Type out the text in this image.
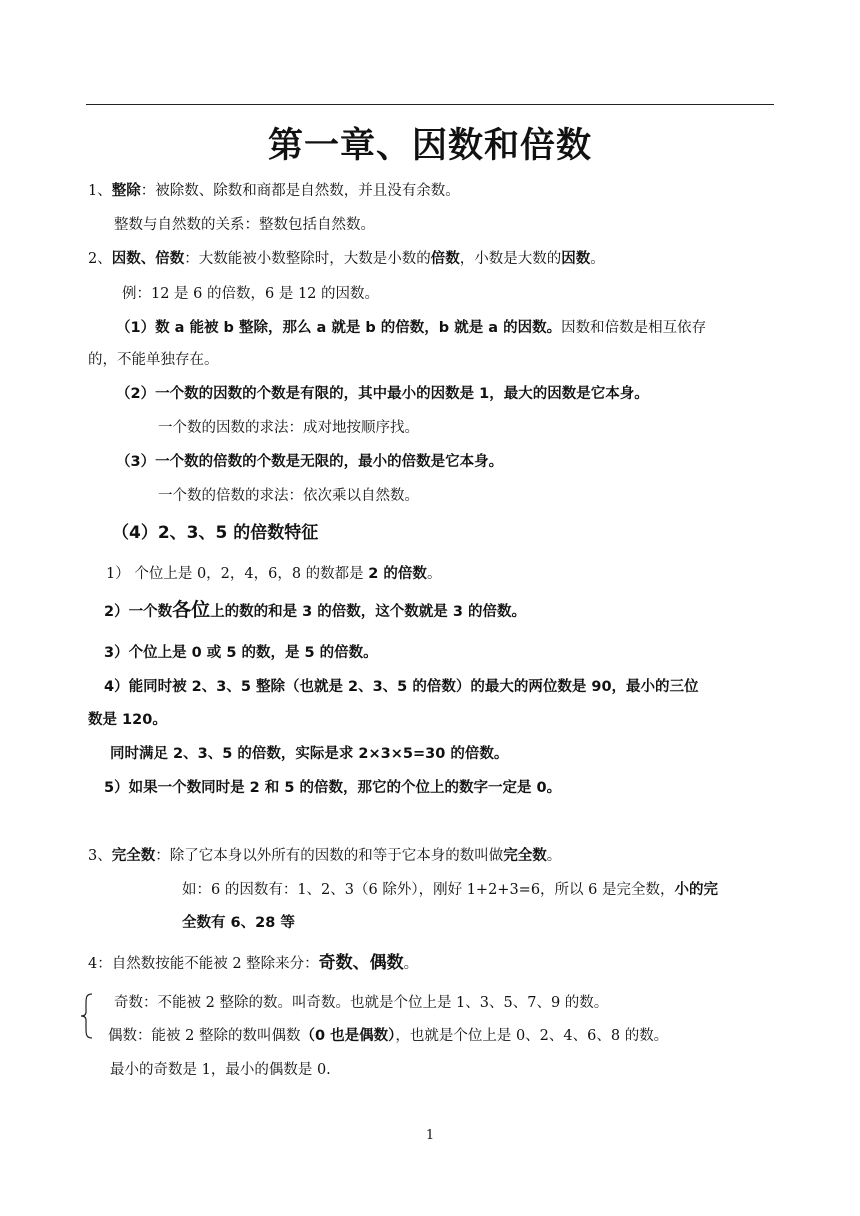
第一章、因数和倍数
1、整除：被除数、除数和商都是自然数，并且没有余数。
整数与自然数的关系：整数包括自然数。
2、因数、倍数：大数能被小数整除时，大数是小数的倍数，小数是大数的因数。
例：12 是 6 的倍数，6 是 12 的因数。
（1）数 a 能被 b 整除，那么 a 就是 b 的倍数，b 就是 a 的因数。因数和倍数是相互依存
的，不能单独存在。
（2）一个数的因数的个数是有限的，其中最小的因数是 1，最大的因数是它本身。
一个数的因数的求法：成对地按顺序找。
（3）一个数的倍数的个数是无限的，最小的倍数是它本身。
一个数的倍数的求法：依次乘以自然数。
（4）2、3、5 的倍数特征
1） 个位上是 0，2，4，6，8 的数都是 2 的倍数。
2）一个数各位上的数的和是 3 的倍数，这个数就是 3 的倍数。
3）个位上是 0 或 5 的数，是 5 的倍数。
4）能同时被 2、3、5 整除（也就是 2、3、5 的倍数）的最大的两位数是 90，最小的三位
数是 120。
同时满足 2、3、5 的倍数，实际是求 2×3×5=30 的倍数。
5）如果一个数同时是 2 和 5 的倍数，那它的个位上的数字一定是 0。
3、完全数：除了它本身以外所有的因数的和等于它本身的数叫做完全数。
如：6 的因数有：1、2、3（6 除外），刚好 1+2+3=6，所以 6 是完全数，小的完
全数有 6、28 等
4：自然数按能不能被 2 整除来分：奇数、偶数。
奇数：不能被 2 整除的数。叫奇数。也就是个位上是 1、3、5、7、9 的数。
偶数：能被 2 整除的数叫偶数（0 也是偶数），也就是个位上是 0、2、4、6、8 的数。
最小的奇数是 1，最小的偶数是 0.
1
